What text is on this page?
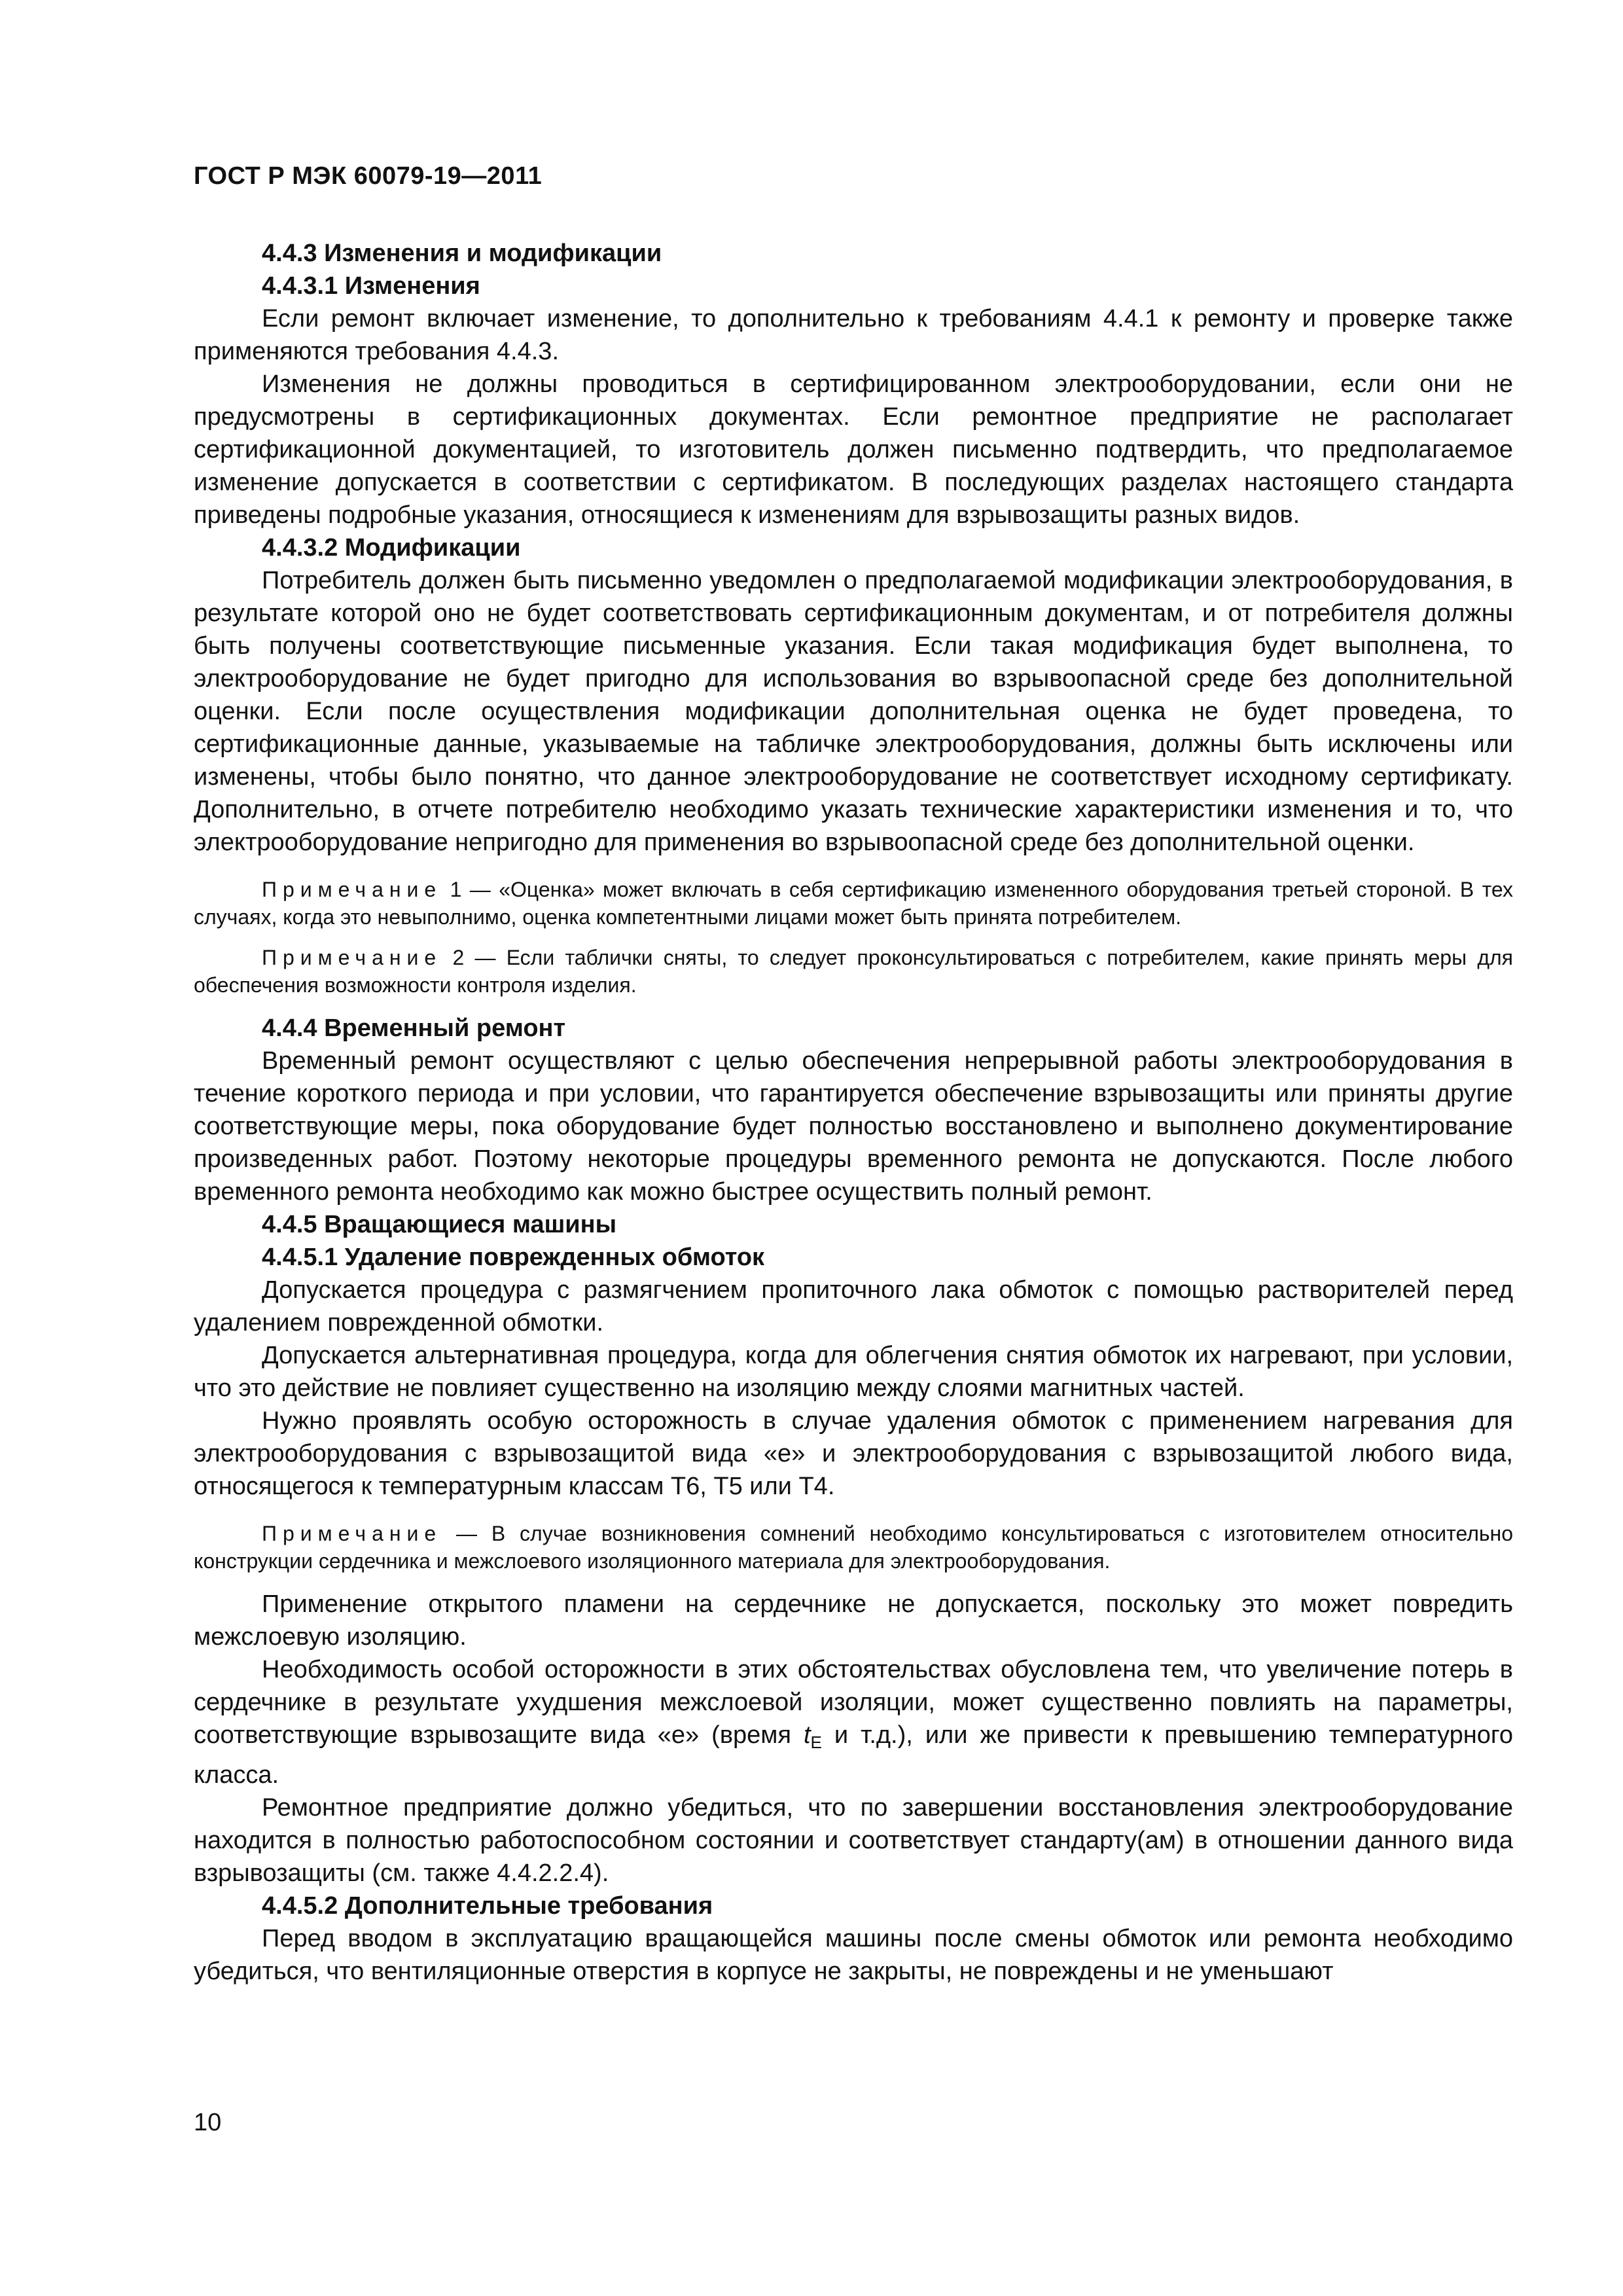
ГОСТ Р МЭК 60079-19—2011
4.4.3 Изменения и модификации
4.4.3.1 Изменения
Если ремонт включает изменение, то дополнительно к требованиям 4.4.1 к ремонту и проверке также применяются требования 4.4.3.
Изменения не должны проводиться в сертифицированном электрооборудовании, если они не предусмотрены в сертификационных документах. Если ремонтное предприятие не располагает сертификационной документацией, то изготовитель должен письменно подтвердить, что предполагаемое изменение допускается в соответствии с сертификатом. В последующих разделах настоящего стандарта приведены подробные указания, относящиеся к изменениям для взрывозащиты разных видов.
4.4.3.2 Модификации
Потребитель должен быть письменно уведомлен о предполагаемой модификации электрооборудования, в результате которой оно не будет соответствовать сертификационным документам, и от потребителя должны быть получены соответствующие письменные указания. Если такая модификация будет выполнена, то электрооборудование не будет пригодно для использования во взрывоопасной среде без дополнительной оценки. Если после осуществления модификации дополнительная оценка не будет проведена, то сертификационные данные, указываемые на табличке электрооборудования, должны быть исключены или изменены, чтобы было понятно, что данное электрооборудование не соответствует исходному сертификату. Дополнительно, в отчете потребителю необходимо указать технические характеристики изменения и то, что электрооборудование непригодно для применения во взрывоопасной среде без дополнительной оценки.
Примечание 1 — «Оценка» может включать в себя сертификацию измененного оборудования третьей стороной. В тех случаях, когда это невыполнимо, оценка компетентными лицами может быть принята потребителем.
Примечание 2 — Если таблички сняты, то следует проконсультироваться с потребителем, какие принять меры для обеспечения возможности контроля изделия.
4.4.4 Временный ремонт
Временный ремонт осуществляют с целью обеспечения непрерывной работы электрооборудования в течение короткого периода и при условии, что гарантируется обеспечение взрывозащиты или приняты другие соответствующие меры, пока оборудование будет полностью восстановлено и выполнено документирование произведенных работ. Поэтому некоторые процедуры временного ремонта не допускаются. После любого временного ремонта необходимо как можно быстрее осуществить полный ремонт.
4.4.5 Вращающиеся машины
4.4.5.1 Удаление поврежденных обмоток
Допускается процедура с размягчением пропиточного лака обмоток с помощью растворителей перед удалением поврежденной обмотки.
Допускается альтернативная процедура, когда для облегчения снятия обмоток их нагревают, при условии, что это действие не повлияет существенно на изоляцию между слоями магнитных частей.
Нужно проявлять особую осторожность в случае удаления обмоток с применением нагревания для электрооборудования с взрывозащитой вида «е» и электрооборудования с взрывозащитой любого вида, относящегося к температурным классам Т6, Т5 или Т4.
Примечание — В случае возникновения сомнений необходимо консультироваться с изготовителем относительно конструкции сердечника и межслоевого изоляционного материала для электрооборудования.
Применение открытого пламени на сердечнике не допускается, поскольку это может повредить межслоевую изоляцию.
Необходимость особой осторожности в этих обстоятельствах обусловлена тем, что увеличение потерь в сердечнике в результате ухудшения межслоевой изоляции, может существенно повлиять на параметры, соответствующие взрывозащите вида «е» (время $t_E$ и т.д.), или же привести к превышению температурного класса.
Ремонтное предприятие должно убедиться, что по завершении восстановления электрооборудование находится в полностью работоспособном состоянии и соответствует стандарту(ам) в отношении данного вида взрывозащиты (см. также 4.4.2.2.4).
4.4.5.2 Дополнительные требования
Перед вводом в эксплуатацию вращающейся машины после смены обмоток или ремонта необходимо убедиться, что вентиляционные отверстия в корпусе не закрыты, не повреждены и не уменьшают
10
